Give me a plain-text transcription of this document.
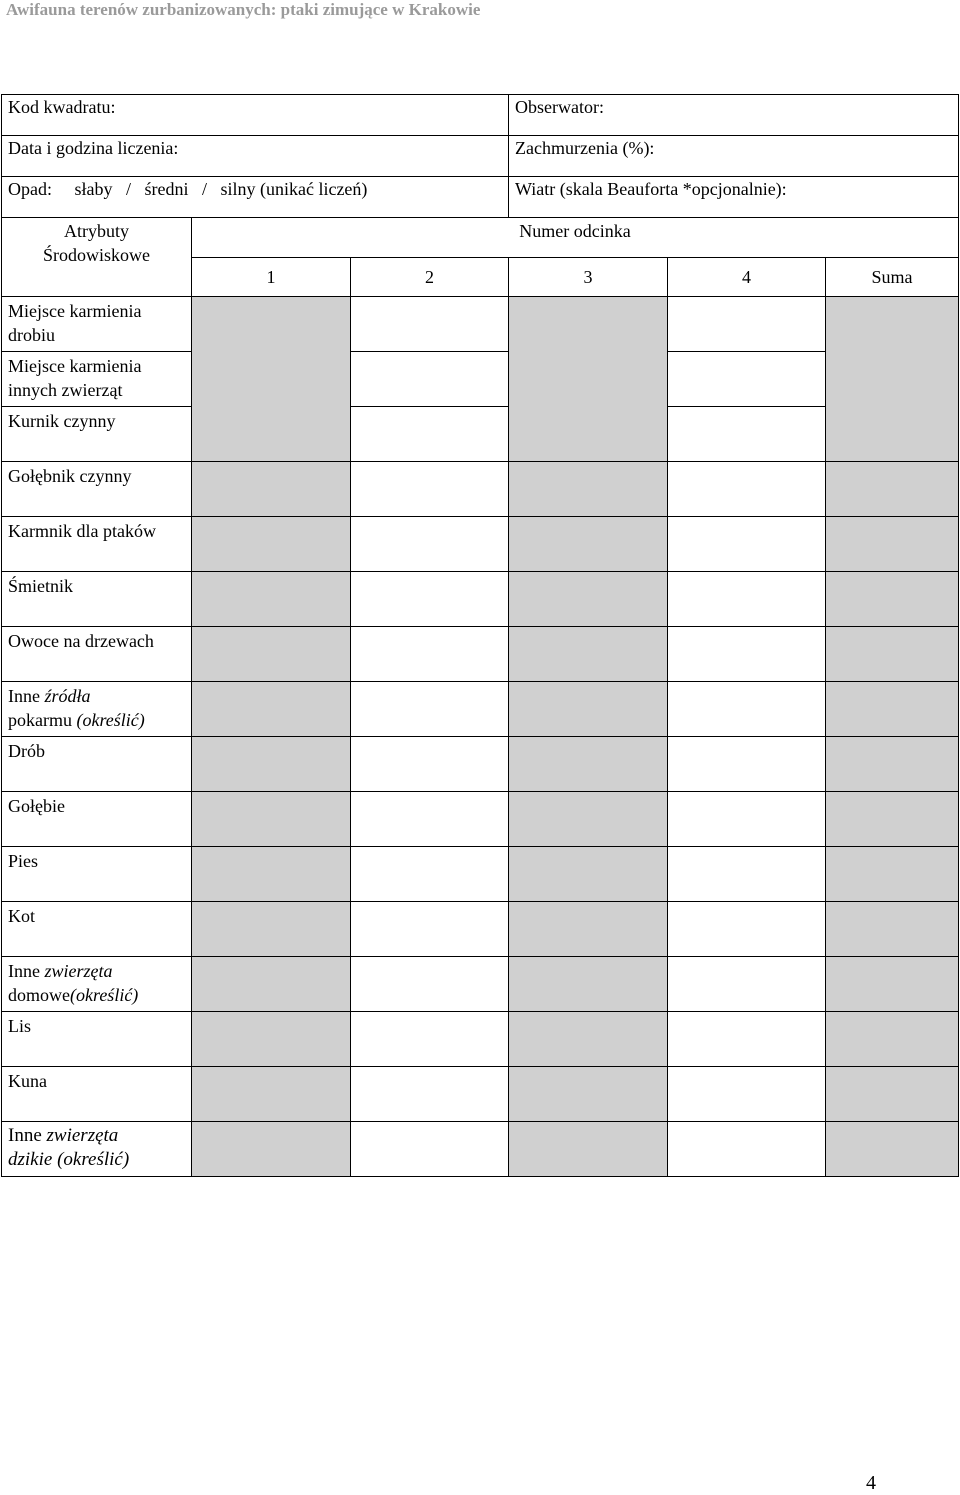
Awifauna terenów zurbanizowanych: ptaki zimujące w Krakowie
Kod kwadratu:			Obserwator:		
Data i godzina liczenia:			Zachmurzenia (%):		
Opad:     słaby   /   średni   /   silny (unikać liczeń)			Wiatr (skala Beauforta *opcjonalnie):		

Atrybuty
Środowiskowe	Numer odcinka				
	1	2	3	4	Suma

Miejsce karmienia drobiu					

Miejsce karmienia innych zwierząt					

Kurnik czynny					

Gołębnik czynny					

Karmnik dla ptaków					

Śmietnik					

Owoce na drzewach					

Inne źródła
pokarmu (określić)					

Drób					

Gołębie					

Pies					

Kot					

Inne zwierzęta
domowe(określić)					

Lis					

Kuna					

Inne zwierzęta
dzikie (określić)					

4
